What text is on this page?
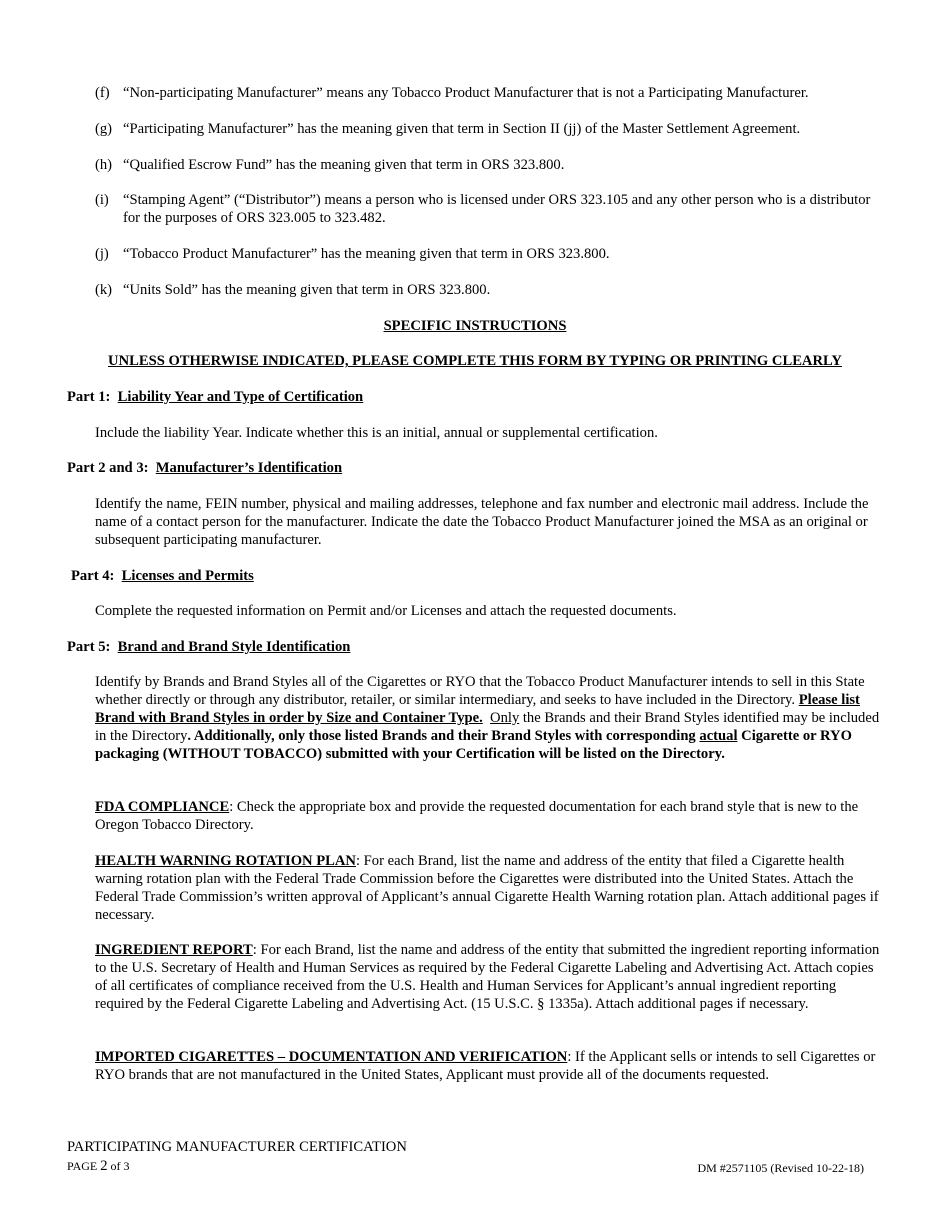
(f) “Non-participating Manufacturer” means any Tobacco Product Manufacturer that is not a Participating Manufacturer.
(g) “Participating Manufacturer” has the meaning given that term in Section II (jj) of the Master Settlement Agreement.
(h) “Qualified Escrow Fund” has the meaning given that term in ORS 323.800.
(i) “Stamping Agent” (“Distributor”) means a person who is licensed under ORS 323.105 and any other person who is a distributor for the purposes of ORS 323.005 to 323.482.
(j) “Tobacco Product Manufacturer” has the meaning given that term in ORS 323.800.
(k) “Units Sold” has the meaning given that term in ORS 323.800.
SPECIFIC INSTRUCTIONS
UNLESS OTHERWISE INDICATED, PLEASE COMPLETE THIS FORM BY TYPING OR PRINTING CLEARLY
Part 1: Liability Year and Type of Certification
Include the liability Year. Indicate whether this is an initial, annual or supplemental certification.
Part 2 and 3: Manufacturer’s Identification
Identify the name, FEIN number, physical and mailing addresses, telephone and fax number and electronic mail address. Include the name of a contact person for the manufacturer. Indicate the date the Tobacco Product Manufacturer joined the MSA as an original or subsequent participating manufacturer.
Part 4: Licenses and Permits
Complete the requested information on Permit and/or Licenses and attach the requested documents.
Part 5: Brand and Brand Style Identification
Identify by Brands and Brand Styles all of the Cigarettes or RYO that the Tobacco Product Manufacturer intends to sell in this State whether directly or through any distributor, retailer, or similar intermediary, and seeks to have included in the Directory. Please list Brand with Brand Styles in order by Size and Container Type. Only the Brands and their Brand Styles identified may be included in the Directory. Additionally, only those listed Brands and their Brand Styles with corresponding actual Cigarette or RYO packaging (WITHOUT TOBACCO) submitted with your Certification will be listed on the Directory.
FDA COMPLIANCE: Check the appropriate box and provide the requested documentation for each brand style that is new to the Oregon Tobacco Directory.
HEALTH WARNING ROTATION PLAN: For each Brand, list the name and address of the entity that filed a Cigarette health warning rotation plan with the Federal Trade Commission before the Cigarettes were distributed into the United States. Attach the Federal Trade Commission’s written approval of Applicant’s annual Cigarette Health Warning rotation plan. Attach additional pages if necessary.
INGREDIENT REPORT: For each Brand, list the name and address of the entity that submitted the ingredient reporting information to the U.S. Secretary of Health and Human Services as required by the Federal Cigarette Labeling and Advertising Act. Attach copies of all certificates of compliance received from the U.S. Health and Human Services for Applicant’s annual ingredient reporting required by the Federal Cigarette Labeling and Advertising Act. (15 U.S.C. § 1335a). Attach additional pages if necessary.
IMPORTED CIGARETTES – DOCUMENTATION AND VERIFICATION: If the Applicant sells or intends to sell Cigarettes or RYO brands that are not manufactured in the United States, Applicant must provide all of the documents requested.
PARTICIPATING MANUFACTURER CERTIFICATION
PAGE 2 of 3	DM #2571105 (Revised 10-22-18)
